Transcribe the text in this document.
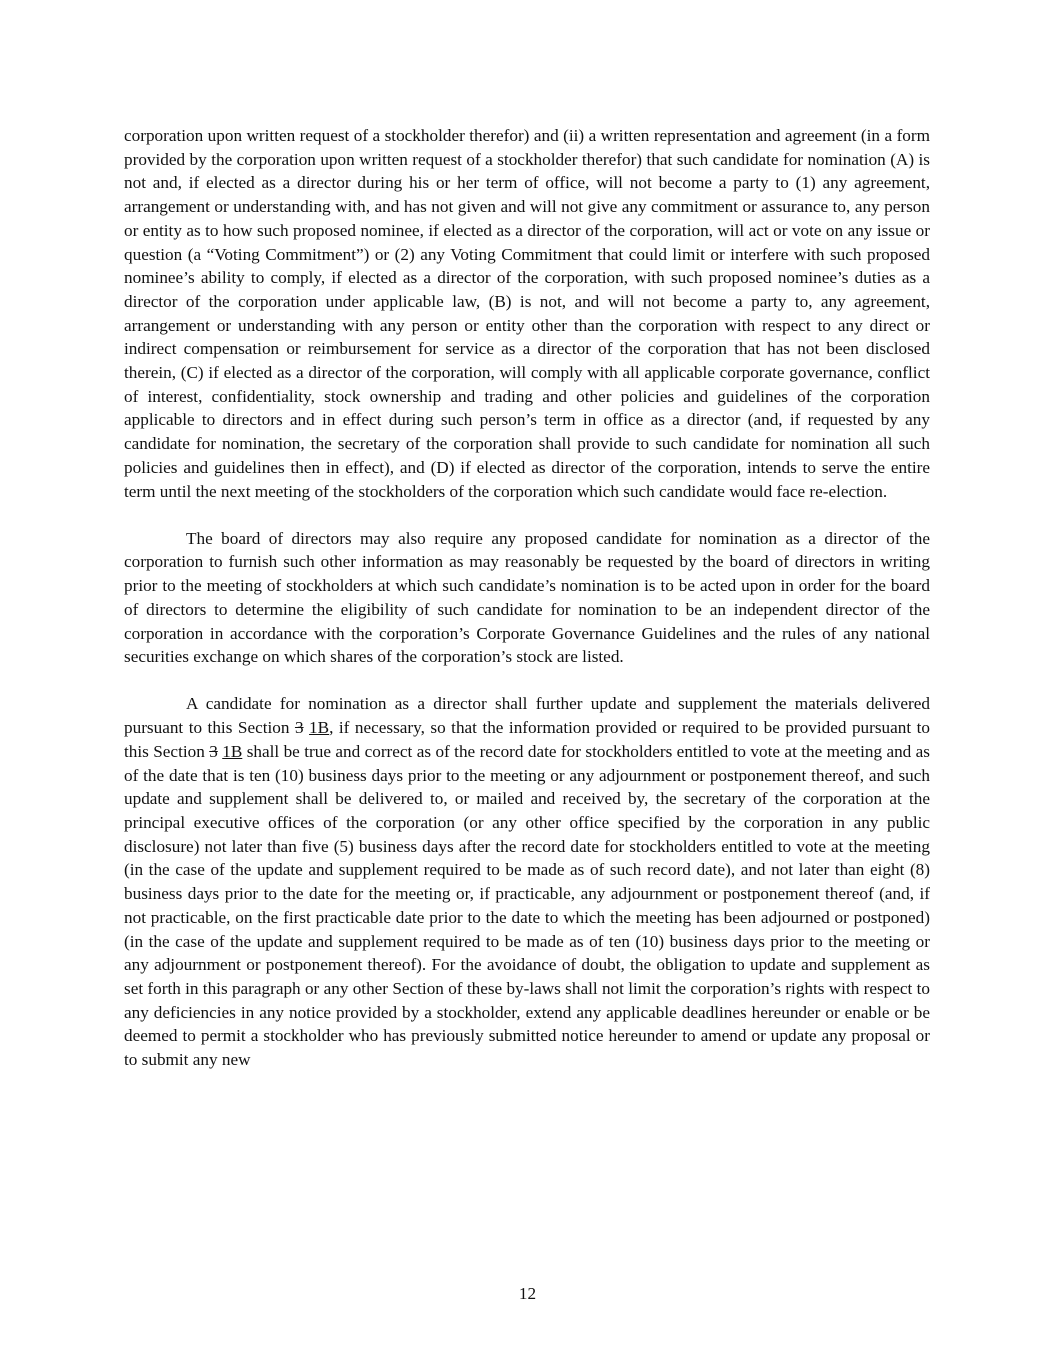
corporation upon written request of a stockholder therefor) and (ii) a written representation and agreement (in a form provided by the corporation upon written request of a stockholder therefor) that such candidate for nomination (A) is not and, if elected as a director during his or her term of office, will not become a party to (1) any agreement, arrangement or understanding with, and has not given and will not give any commitment or assurance to, any person or entity as to how such proposed nominee, if elected as a director of the corporation, will act or vote on any issue or question (a “Voting Commitment”) or (2) any Voting Commitment that could limit or interfere with such proposed nominee’s ability to comply, if elected as a director of the corporation, with such proposed nominee’s duties as a director of the corporation under applicable law, (B) is not, and will not become a party to, any agreement, arrangement or understanding with any person or entity other than the corporation with respect to any direct or indirect compensation or reimbursement for service as a director of the corporation that has not been disclosed therein, (C) if elected as a director of the corporation, will comply with all applicable corporate governance, conflict of interest, confidentiality, stock ownership and trading and other policies and guidelines of the corporation applicable to directors and in effect during such person’s term in office as a director (and, if requested by any candidate for nomination, the secretary of the corporation shall provide to such candidate for nomination all such policies and guidelines then in effect), and (D) if elected as director of the corporation, intends to serve the entire term until the next meeting of the stockholders of the corporation which such candidate would face re-election.

The board of directors may also require any proposed candidate for nomination as a director of the corporation to furnish such other information as may reasonably be requested by the board of directors in writing prior to the meeting of stockholders at which such candidate’s nomination is to be acted upon in order for the board of directors to determine the eligibility of such candidate for nomination to be an independent director of the corporation in accordance with the corporation’s Corporate Governance Guidelines and the rules of any national securities exchange on which shares of the corporation’s stock are listed.

A candidate for nomination as a director shall further update and supplement the materials delivered pursuant to this Section 3 1B, if necessary, so that the information provided or required to be provided pursuant to this Section 3 1B shall be true and correct as of the record date for stockholders entitled to vote at the meeting and as of the date that is ten (10) business days prior to the meeting or any adjournment or postponement thereof, and such update and supplement shall be delivered to, or mailed and received by, the secretary of the corporation at the principal executive offices of the corporation (or any other office specified by the corporation in any public disclosure) not later than five (5) business days after the record date for stockholders entitled to vote at the meeting (in the case of the update and supplement required to be made as of such record date), and not later than eight (8) business days prior to the date for the meeting or, if practicable, any adjournment or postponement thereof (and, if not practicable, on the first practicable date prior to the date to which the meeting has been adjourned or postponed) (in the case of the update and supplement required to be made as of ten (10) business days prior to the meeting or any adjournment or postponement thereof). For the avoidance of doubt, the obligation to update and supplement as set forth in this paragraph or any other Section of these by-laws shall not limit the corporation’s rights with respect to any deficiencies in any notice provided by a stockholder, extend any applicable deadlines hereunder or enable or be deemed to permit a stockholder who has previously submitted notice hereunder to amend or update any proposal or to submit any new

12
